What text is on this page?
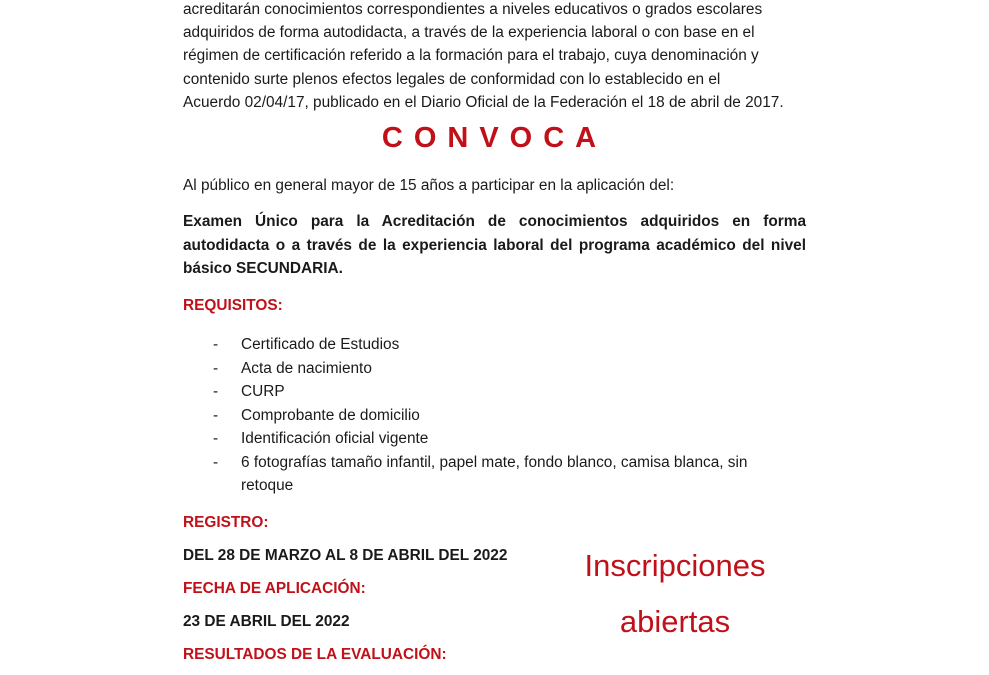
acreditarán conocimientos correspondientes a niveles educativos o grados escolares
adquiridos de forma autodidacta, a través de la experiencia laboral o con base en el
régimen de certificación referido a la formación para el trabajo, cuya denominación y
contenido surte plenos efectos legales de conformidad con lo establecido en el
Acuerdo 02/04/17, publicado en el Diario Oficial de la Federación el 18 de abril de 2017.
CONVOCA
Al público en general mayor de 15 años a participar en la aplicación del:
Examen Único para la Acreditación de conocimientos adquiridos en forma autodidacta o a través de la experiencia laboral del programa académico del nivel básico SECUNDARIA.
REQUISITOS:
- Certificado de Estudios
- Acta de nacimiento
- CURP
- Comprobante de domicilio
- Identificación oficial vigente
- 6 fotografías tamaño infantil, papel mate, fondo blanco, camisa blanca, sin retoque
REGISTRO:
DEL 28 DE MARZO AL 8 DE ABRIL DEL 2022
FECHA DE APLICACIÓN:
23 DE ABRIL DEL 2022
RESULTADOS DE LA EVALUACIÓN:
Inscripciones
abiertas
